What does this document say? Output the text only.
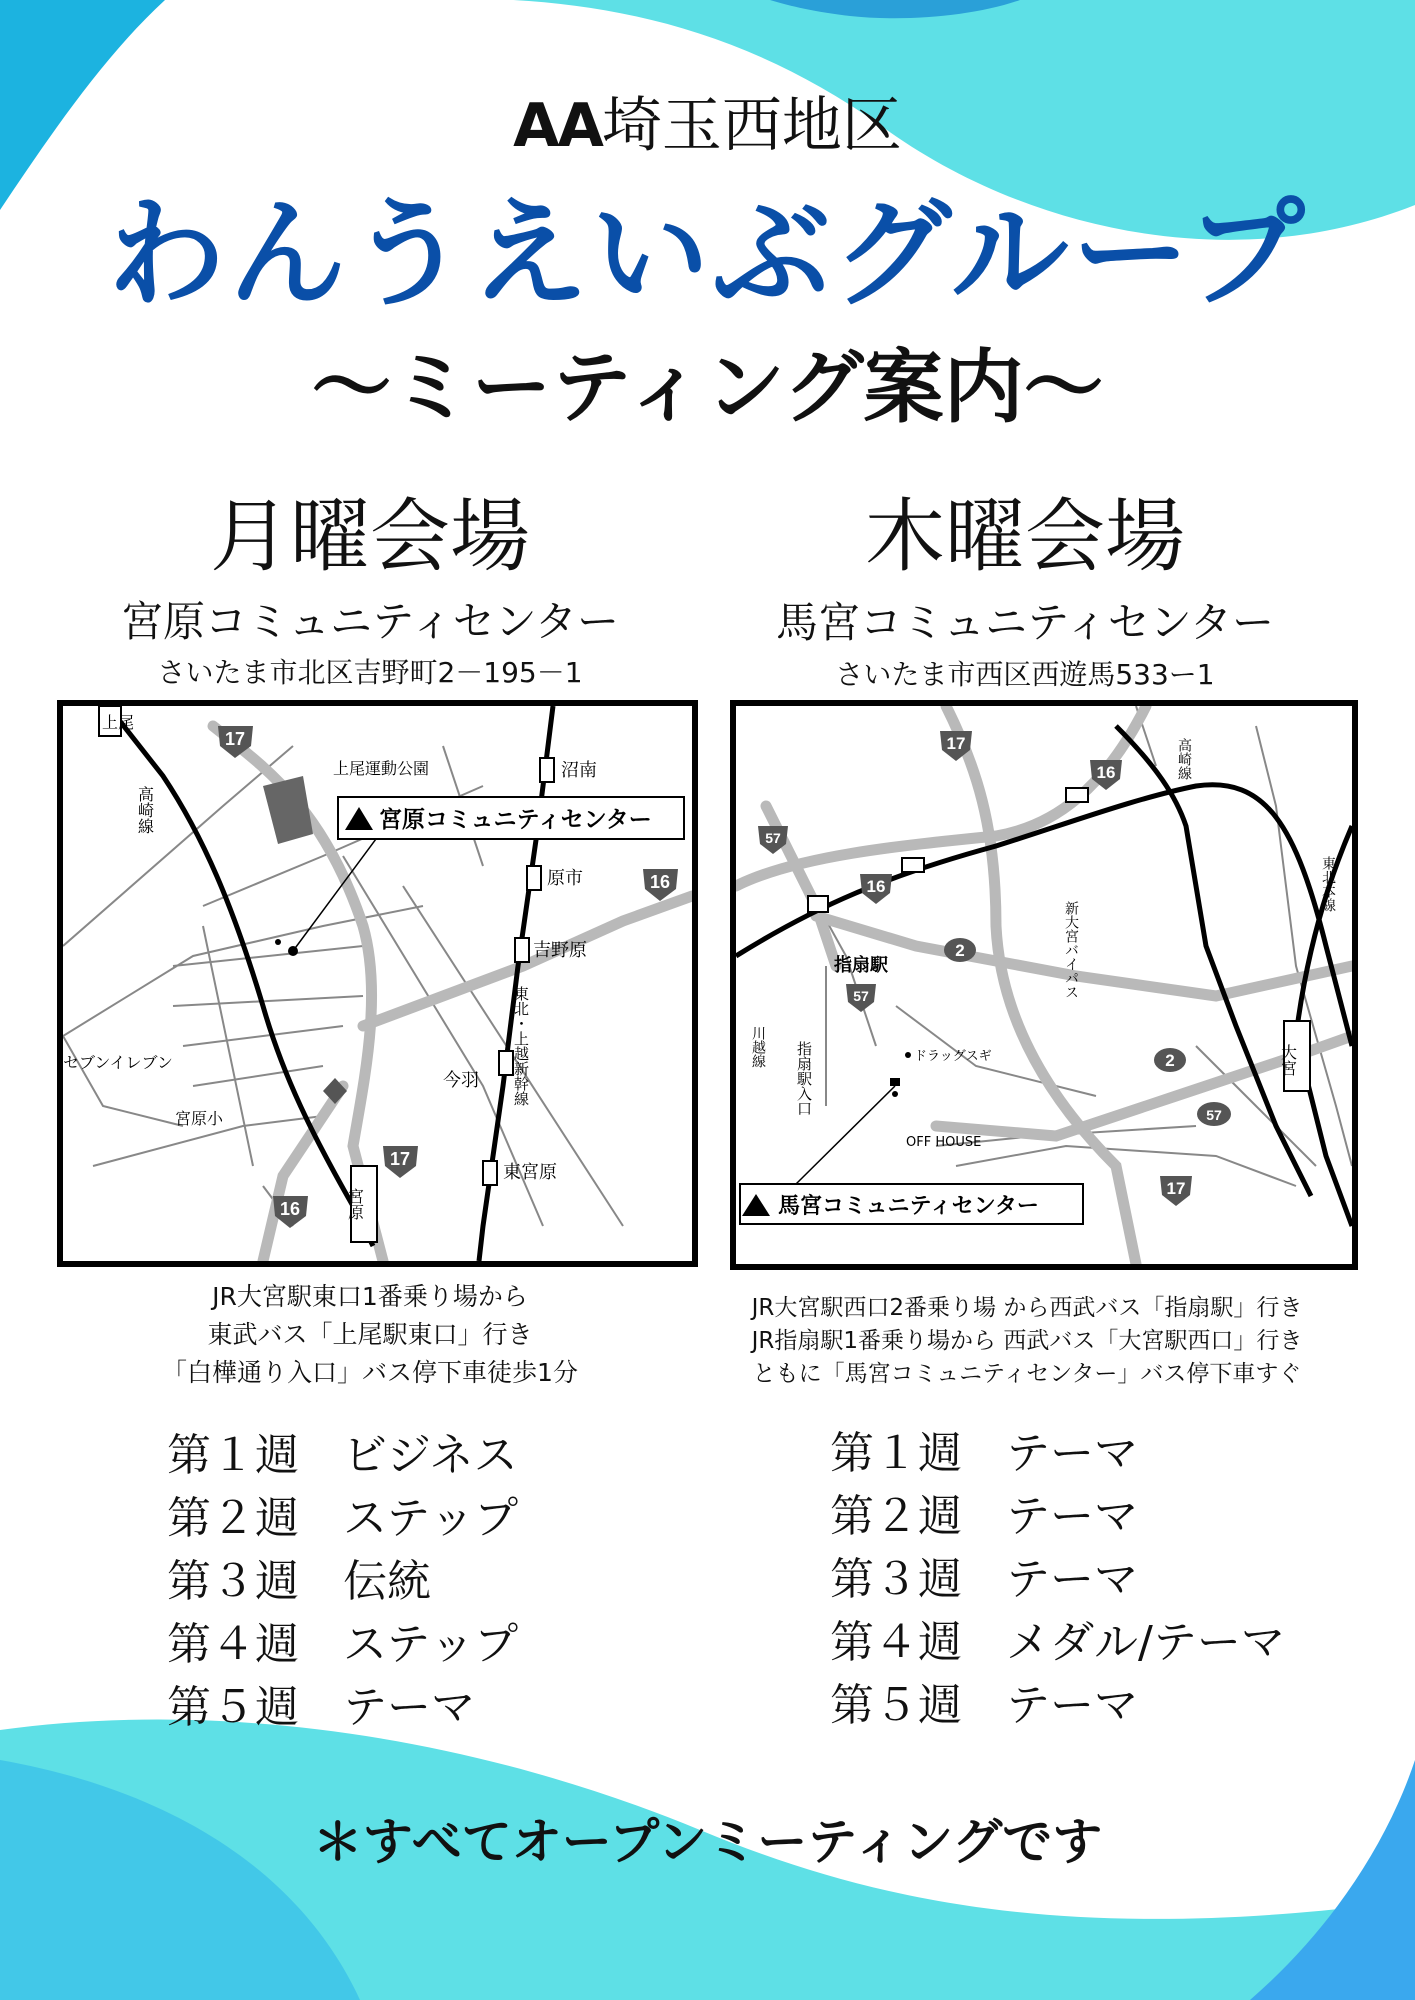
AA埼玉西地区
わんうえいぶグループ
〜ミーティング案内〜
月曜会場
宮原コミュニティセンター
さいたま市北区吉野町2－195－1
17
16
17
16
上尾
宮原
沼南
原市
吉野原
今羽
東宮原
上尾運動公園
セブンイレブン
宮原小
高崎線
東北・上越新幹線
宮原コミュニティセンター
JR大宮駅東口1番乗り場から
東武バス「上尾駅東口」行き
「白樺通り入口」バス停下車徒歩1分
第１週	ビジネス
第２週	ステップ
第３週	伝統
第４週	ステップ
第５週	テーマ
木曜会場
馬宮コミュニティセンター
さいたま市西区西遊馬533ー1
17
16
57
16
2
57
2
57
17
指扇駅
指扇駅入口
新大宮バイパス
川越線
高崎線
東北本線
大宮
ドラッグスギ
OFF HOUSE
馬宮コミュニティセンター
JR大宮駅西口2番乗り場 から西武バス「指扇駅」行き
JR指扇駅1番乗り場から 西武バス「大宮駅西口」行き
ともに「馬宮コミュニティセンター」バス停下車すぐ
第１週	テーマ
第２週	テーマ
第３週	テーマ
第４週	メダル/テーマ
第５週	テーマ
＊すべてオープンミーティングです
